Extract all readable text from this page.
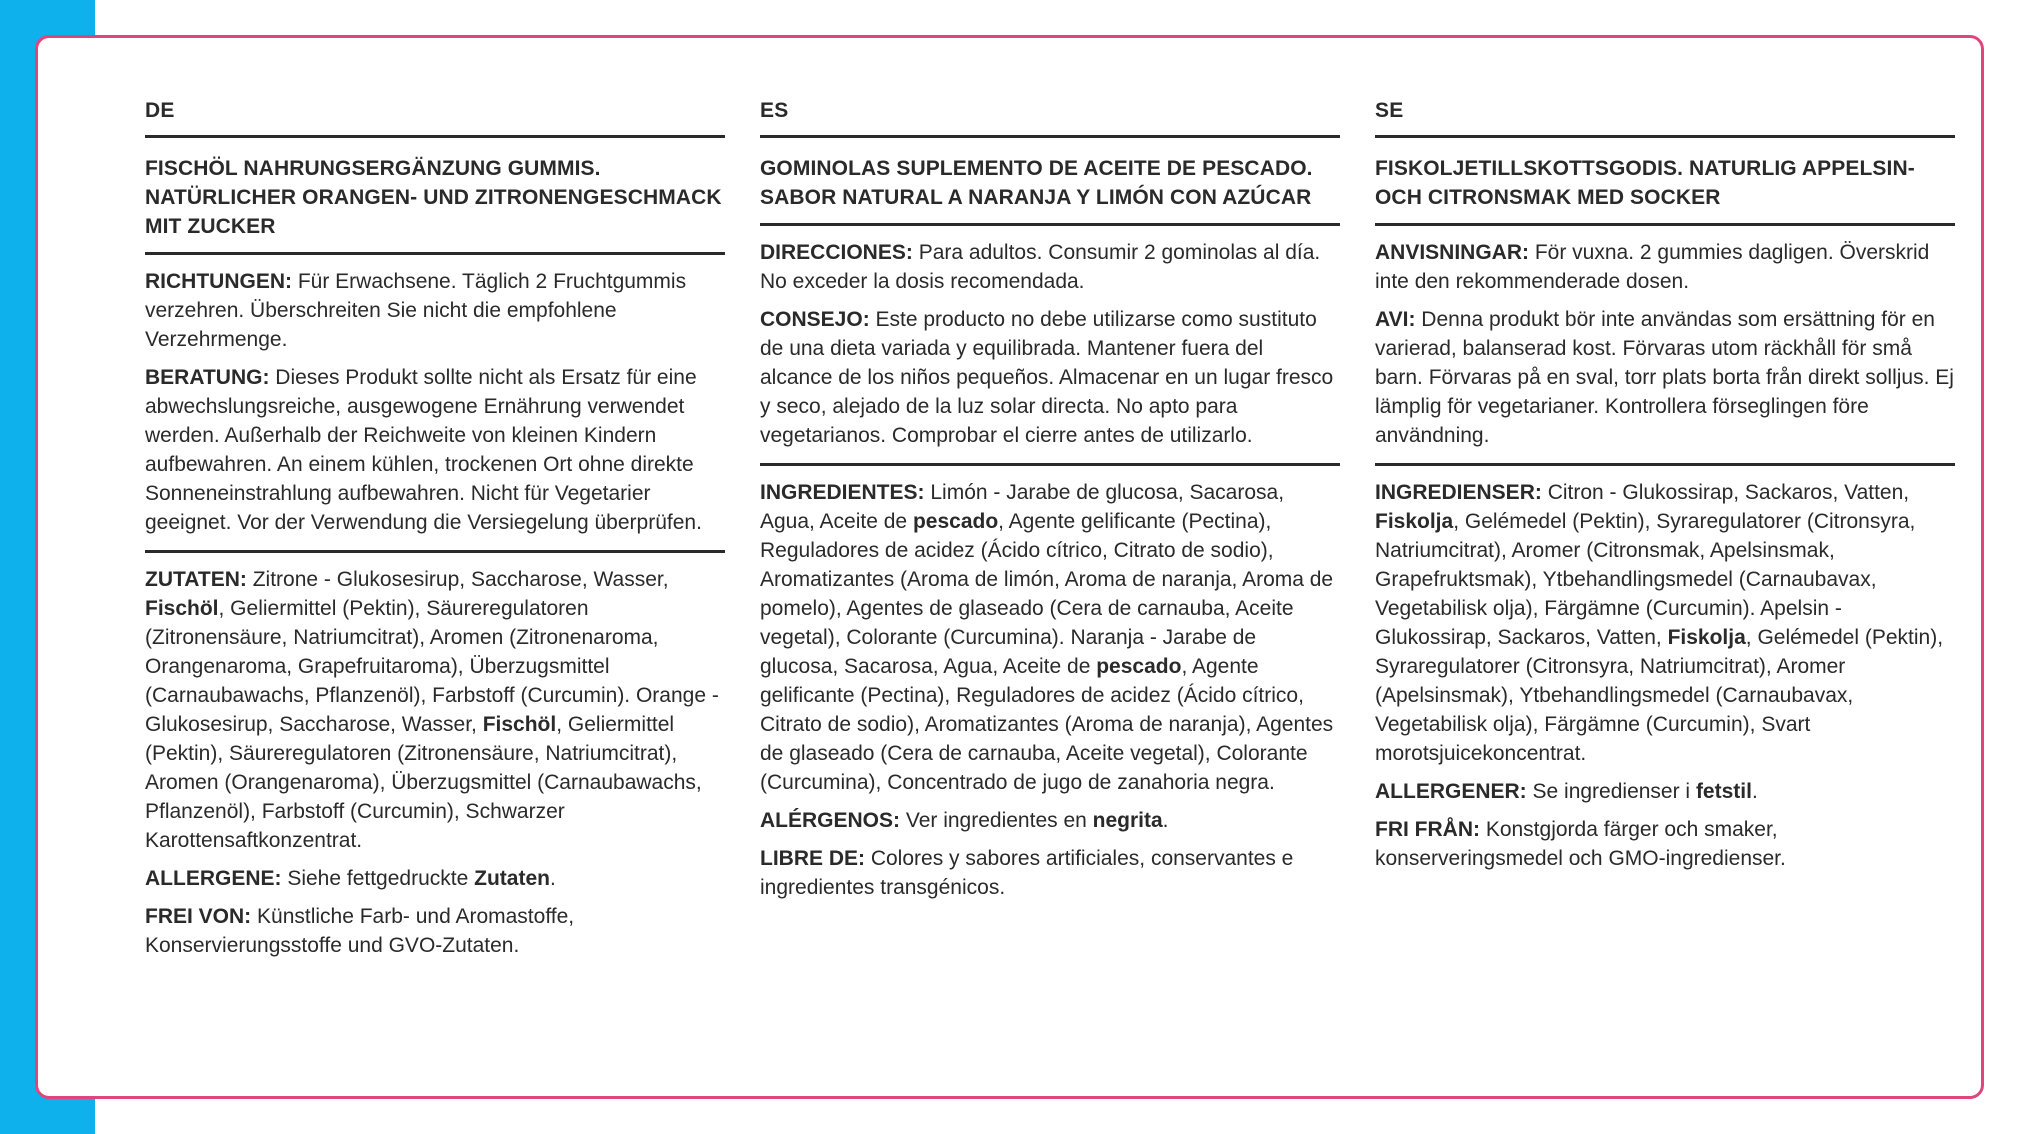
DE
FISCHÖL NAHRUNGSERGÄNZUNG GUMMIS. NATÜRLICHER ORANGEN- UND ZITRONENGESCHMACK MIT ZUCKER

RICHTUNGEN: Für Erwachsene. Täglich 2 Fruchtgummis verzehren. Überschreiten Sie nicht die empfohlene Verzehrmenge.

BERATUNG: Dieses Produkt sollte nicht als Ersatz für eine abwechslungsreiche, ausgewogene Ernährung verwendet werden. Außerhalb der Reichweite von kleinen Kindern aufbewahren. An einem kühlen, trockenen Ort ohne direkte Sonneneinstrahlung aufbewahren. Nicht für Vegetarier geeignet. Vor der Verwendung die Versiegelung überprüfen.

ZUTATEN: Zitrone - Glukosesirup, Saccharose, Wasser, Fischöl, Geliermittel (Pektin), Säureregulatoren (Zitronensäure, Natriumcitrat), Aromen (Zitronenaroma, Orangenaroma, Grapefruitaroma), Überzugsmittel (Carnaubawachs, Pflanzenöl), Farbstoff (Curcumin). Orange - Glukosesirup, Saccharose, Wasser, Fischöl, Geliermittel (Pektin), Säureregulatoren (Zitronensäure, Natriumcitrat), Aromen (Orangenaroma), Überzugsmittel (Carnaubawachs, Pflanzenöl), Farbstoff (Curcumin), Schwarzer Karottensaftkonzentrat.

ALLERGENE: Siehe fettgedruckte Zutaten.

FREI VON: Künstliche Farb- und Aromastoffe, Konservierungsstoffe und GVO-Zutaten.

ES
GOMINOLAS SUPLEMENTO DE ACEITE DE PESCADO. SABOR NATURAL A NARANJA Y LIMÓN CON AZÚCAR

DIRECCIONES: Para adultos. Consumir 2 gominolas al día. No exceder la dosis recomendada.

CONSEJO: Este producto no debe utilizarse como sustituto de una dieta variada y equilibrada. Mantener fuera del alcance de los niños pequeños. Almacenar en un lugar fresco y seco, alejado de la luz solar directa. No apto para vegetarianos. Comprobar el cierre antes de utilizarlo.

INGREDIENTES: Limón - Jarabe de glucosa, Sacarosa, Agua, Aceite de pescado, Agente gelificante (Pectina), Reguladores de acidez (Ácido cítrico, Citrato de sodio), Aromatizantes (Aroma de limón, Aroma de naranja, Aroma de pomelo), Agentes de glaseado (Cera de carnauba, Aceite vegetal), Colorante (Curcumina). Naranja - Jarabe de glucosa, Sacarosa, Agua, Aceite de pescado, Agente gelificante (Pectina), Reguladores de acidez (Ácido cítrico, Citrato de sodio), Aromatizantes (Aroma de naranja), Agentes de glaseado (Cera de carnauba, Aceite vegetal), Colorante (Curcumina), Concentrado de jugo de zanahoria negra.

ALÉRGENOS: Ver ingredientes en negrita.

LIBRE DE: Colores y sabores artificiales, conservantes e ingredientes transgénicos.

SE
FISKOLJETILLSKOTTSGODIS. NATURLIG APPELSIN- OCH CITRONSMAK MED SOCKER

ANVISNINGAR: För vuxna. 2 gummies dagligen. Överskrid inte den rekommenderade dosen.

AVI: Denna produkt bör inte användas som ersättning för en varierad, balanserad kost. Förvaras utom räckhåll för små barn. Förvaras på en sval, torr plats borta från direkt solljus. Ej lämplig för vegetarianer. Kontrollera förseglingen före användning.

INGREDIENSER: Citron - Glukossirap, Sackaros, Vatten, Fiskolja, Gelémedel (Pektin), Syraregulatorer (Citronsyra, Natriumcitrat), Aromer (Citronsmak, Apelsinsmak, Grapefruktsmak), Ytbehandlingsmedel (Carnaubavax, Vegetabilisk olja), Färgämne (Curcumin). Apelsin - Glukossirap, Sackaros, Vatten, Fiskolja, Gelémedel (Pektin), Syraregulatorer (Citronsyra, Natriumcitrat), Aromer (Apelsinsmak), Ytbehandlingsmedel (Carnaubavax, Vegetabilisk olja), Färgämne (Curcumin), Svart morotsjuicekoncentrat.

ALLERGENER: Se ingredienser i fetstil.

FRI FRÅN: Konstgjorda färger och smaker, konserveringsmedel och GMO-ingredienser.
